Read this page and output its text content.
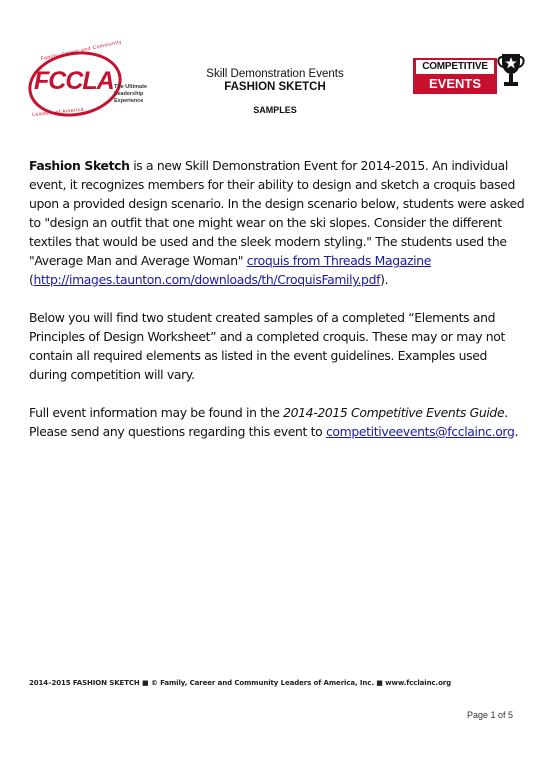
Family, Career and Community
Leaders of America
FCCLA The Ultimate
Leadership
Experience
Skill Demonstration Events
FASHION SKETCH
SAMPLES
COMPETITIVE
EVENTS

Fashion Sketch is a new Skill Demonstration Event for 2014-2015. An individual event, it recognizes members for their ability to design and sketch a croquis based upon a provided design scenario. In the design scenario below, students were asked to "design an outfit that one might wear on the ski slopes. Consider the different textiles that would be used and the sleek modern styling." The students used the "Average Man and Average Woman" croquis from Threads Magazine (http://images.taunton.com/downloads/th/CroquisFamily.pdf).

Below you will find two student created samples of a completed “Elements and Principles of Design Worksheet” and a completed croquis. These may or may not contain all required elements as listed in the event guidelines. Examples used during competition will vary.

Full event information may be found in the 2014-2015 Competitive Events Guide. Please send any questions regarding this event to competitiveevents@fcclainc.org.

2014–2015 FASHION SKETCH ■ © Family, Career and Community Leaders of America, Inc. ■ www.fcclainc.org
Page 1 of 5
